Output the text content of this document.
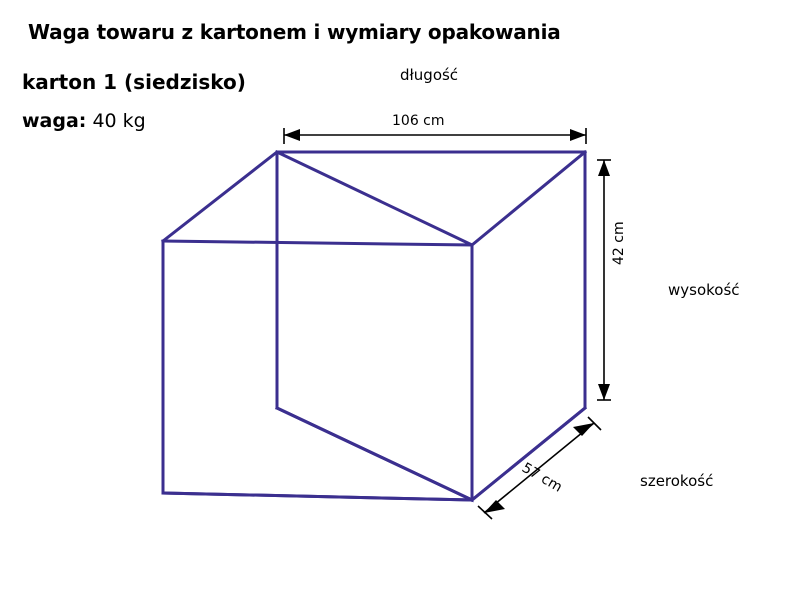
Waga towaru z kartonem i wymiary opakowania
karton 1 (siedzisko)
waga: 40 kg
długość
wysokość
szerokość
106 cm
42 cm
57 cm
